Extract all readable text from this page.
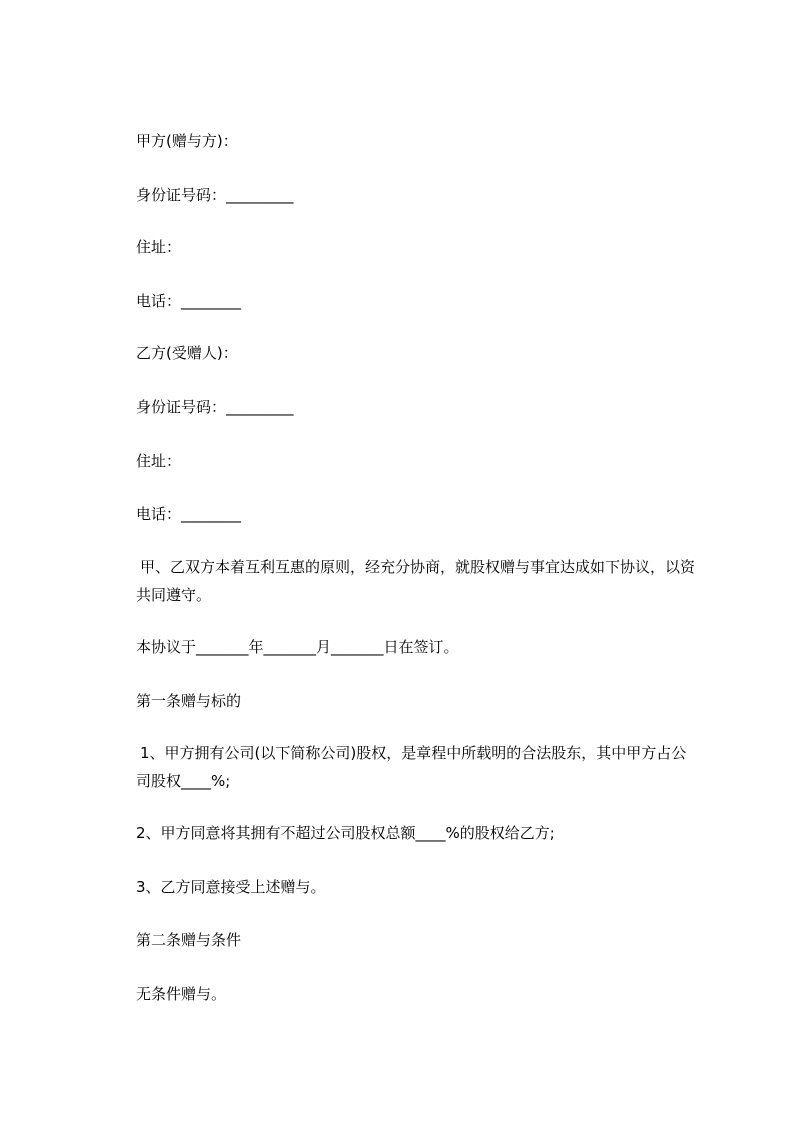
甲方(赠与方)：

身份证号码：_________

住址：

电话：________

乙方(受赠人)：

身份证号码：_________

住址：

电话：________

甲、乙双方本着互利互惠的原则，经充分协商，就股权赠与事宜达成如下协议，以资共同遵守。

本协议于_______年_______月_______日在签订。

第一条赠与标的

1、甲方拥有公司(以下简称公司)股权，是章程中所载明的合法股东，其中甲方占公司股权____%;

2、甲方同意将其拥有不超过公司股权总额____%的股权给乙方;

3、乙方同意接受上述赠与。

第二条赠与条件

无条件赠与。
